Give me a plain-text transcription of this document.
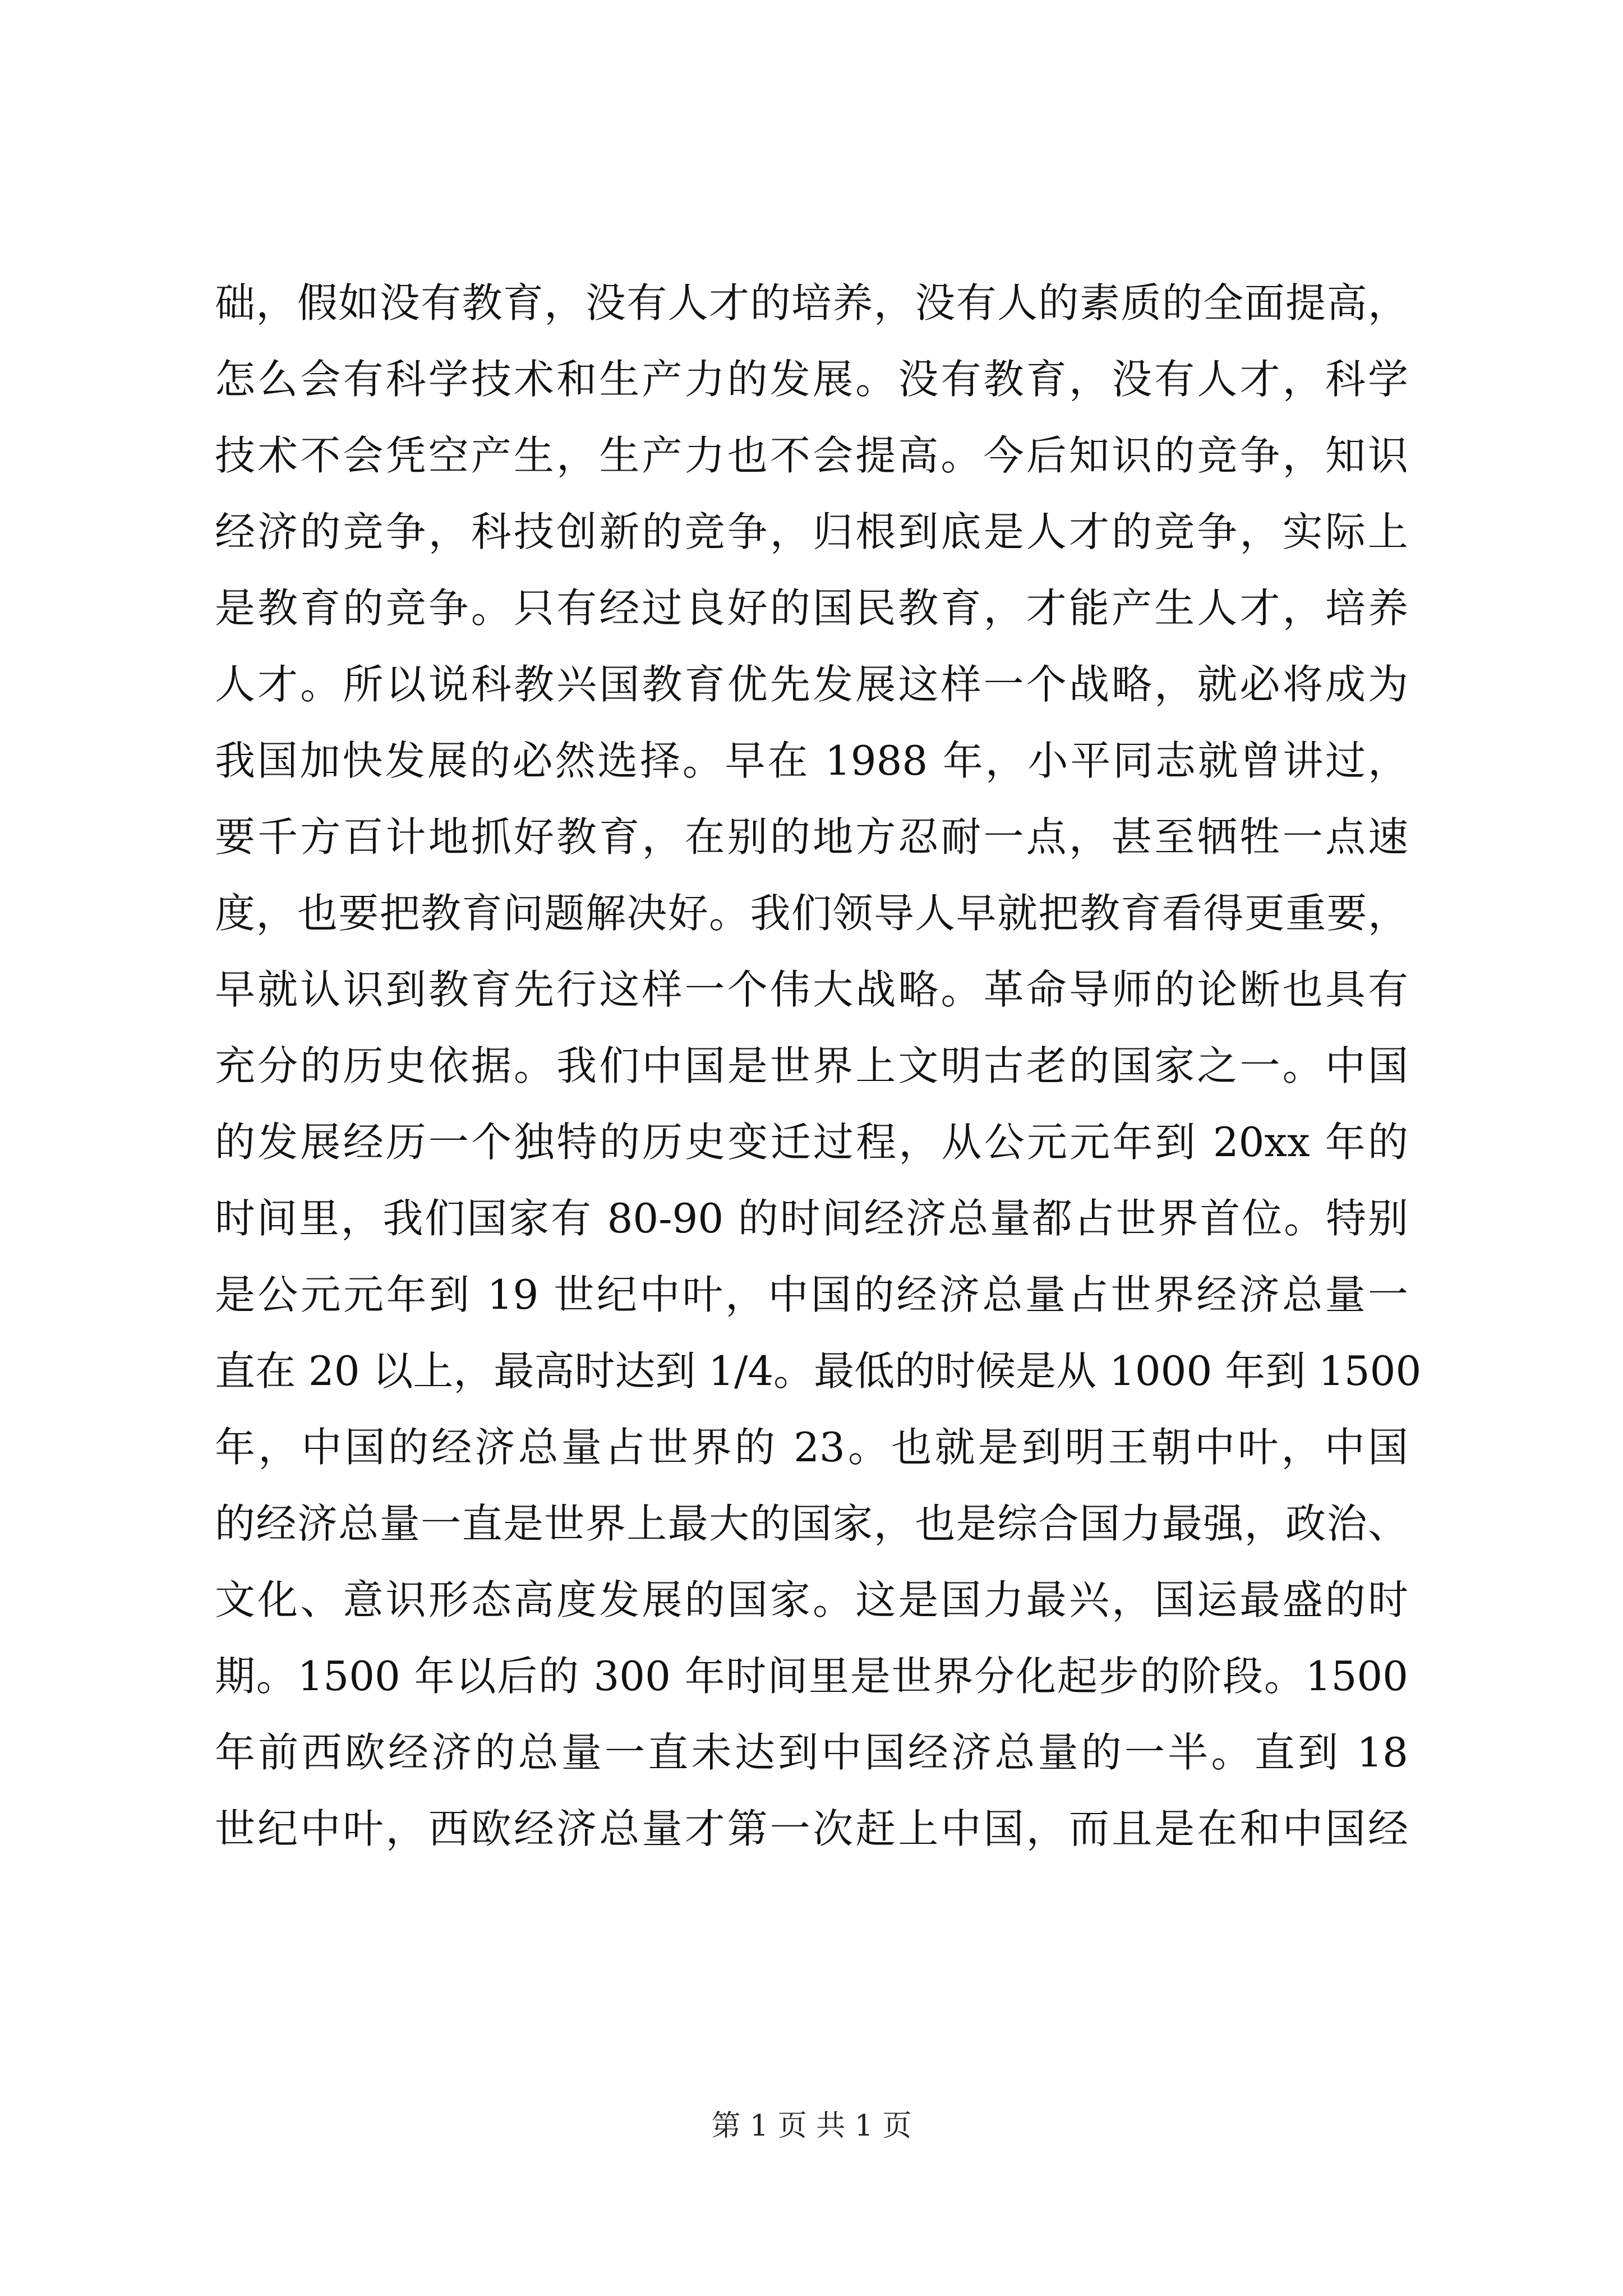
础，假如没有教育，没有人才的培养，没有人的素质的全面提高，
怎么会有科学技术和生产力的发展。没有教育，没有人才，科学
技术不会凭空产生，生产力也不会提高。今后知识的竞争，知识
经济的竞争，科技创新的竞争，归根到底是人才的竞争，实际上
是教育的竞争。只有经过良好的国民教育，才能产生人才，培养
人才。所以说科教兴国教育优先发展这样一个战略，就必将成为
我国加快发展的必然选择。早在 1988 年，小平同志就曾讲过，
要千方百计地抓好教育，在别的地方忍耐一点，甚至牺牲一点速
度，也要把教育问题解决好。我们领导人早就把教育看得更重要，
早就认识到教育先行这样一个伟大战略。革命导师的论断也具有
充分的历史依据。我们中国是世界上文明古老的国家之一。中国
的发展经历一个独特的历史变迁过程，从公元元年到 20xx 年的
时间里，我们国家有 80-90 的时间经济总量都占世界首位。特别
是公元元年到 19 世纪中叶，中国的经济总量占世界经济总量一
直在 20 以上，最高时达到 1/4。最低的时候是从 1000 年到 1500
年，中国的经济总量占世界的 23。也就是到明王朝中叶，中国
的经济总量一直是世界上最大的国家，也是综合国力最强，政治、
文化、意识形态高度发展的国家。这是国力最兴，国运最盛的时
期。1500 年以后的 300 年时间里是世界分化起步的阶段。1500
年前西欧经济的总量一直未达到中国经济总量的一半。直到 18
世纪中叶，西欧经济总量才第一次赶上中国，而且是在和中国经
第 1 页 共 1 页
